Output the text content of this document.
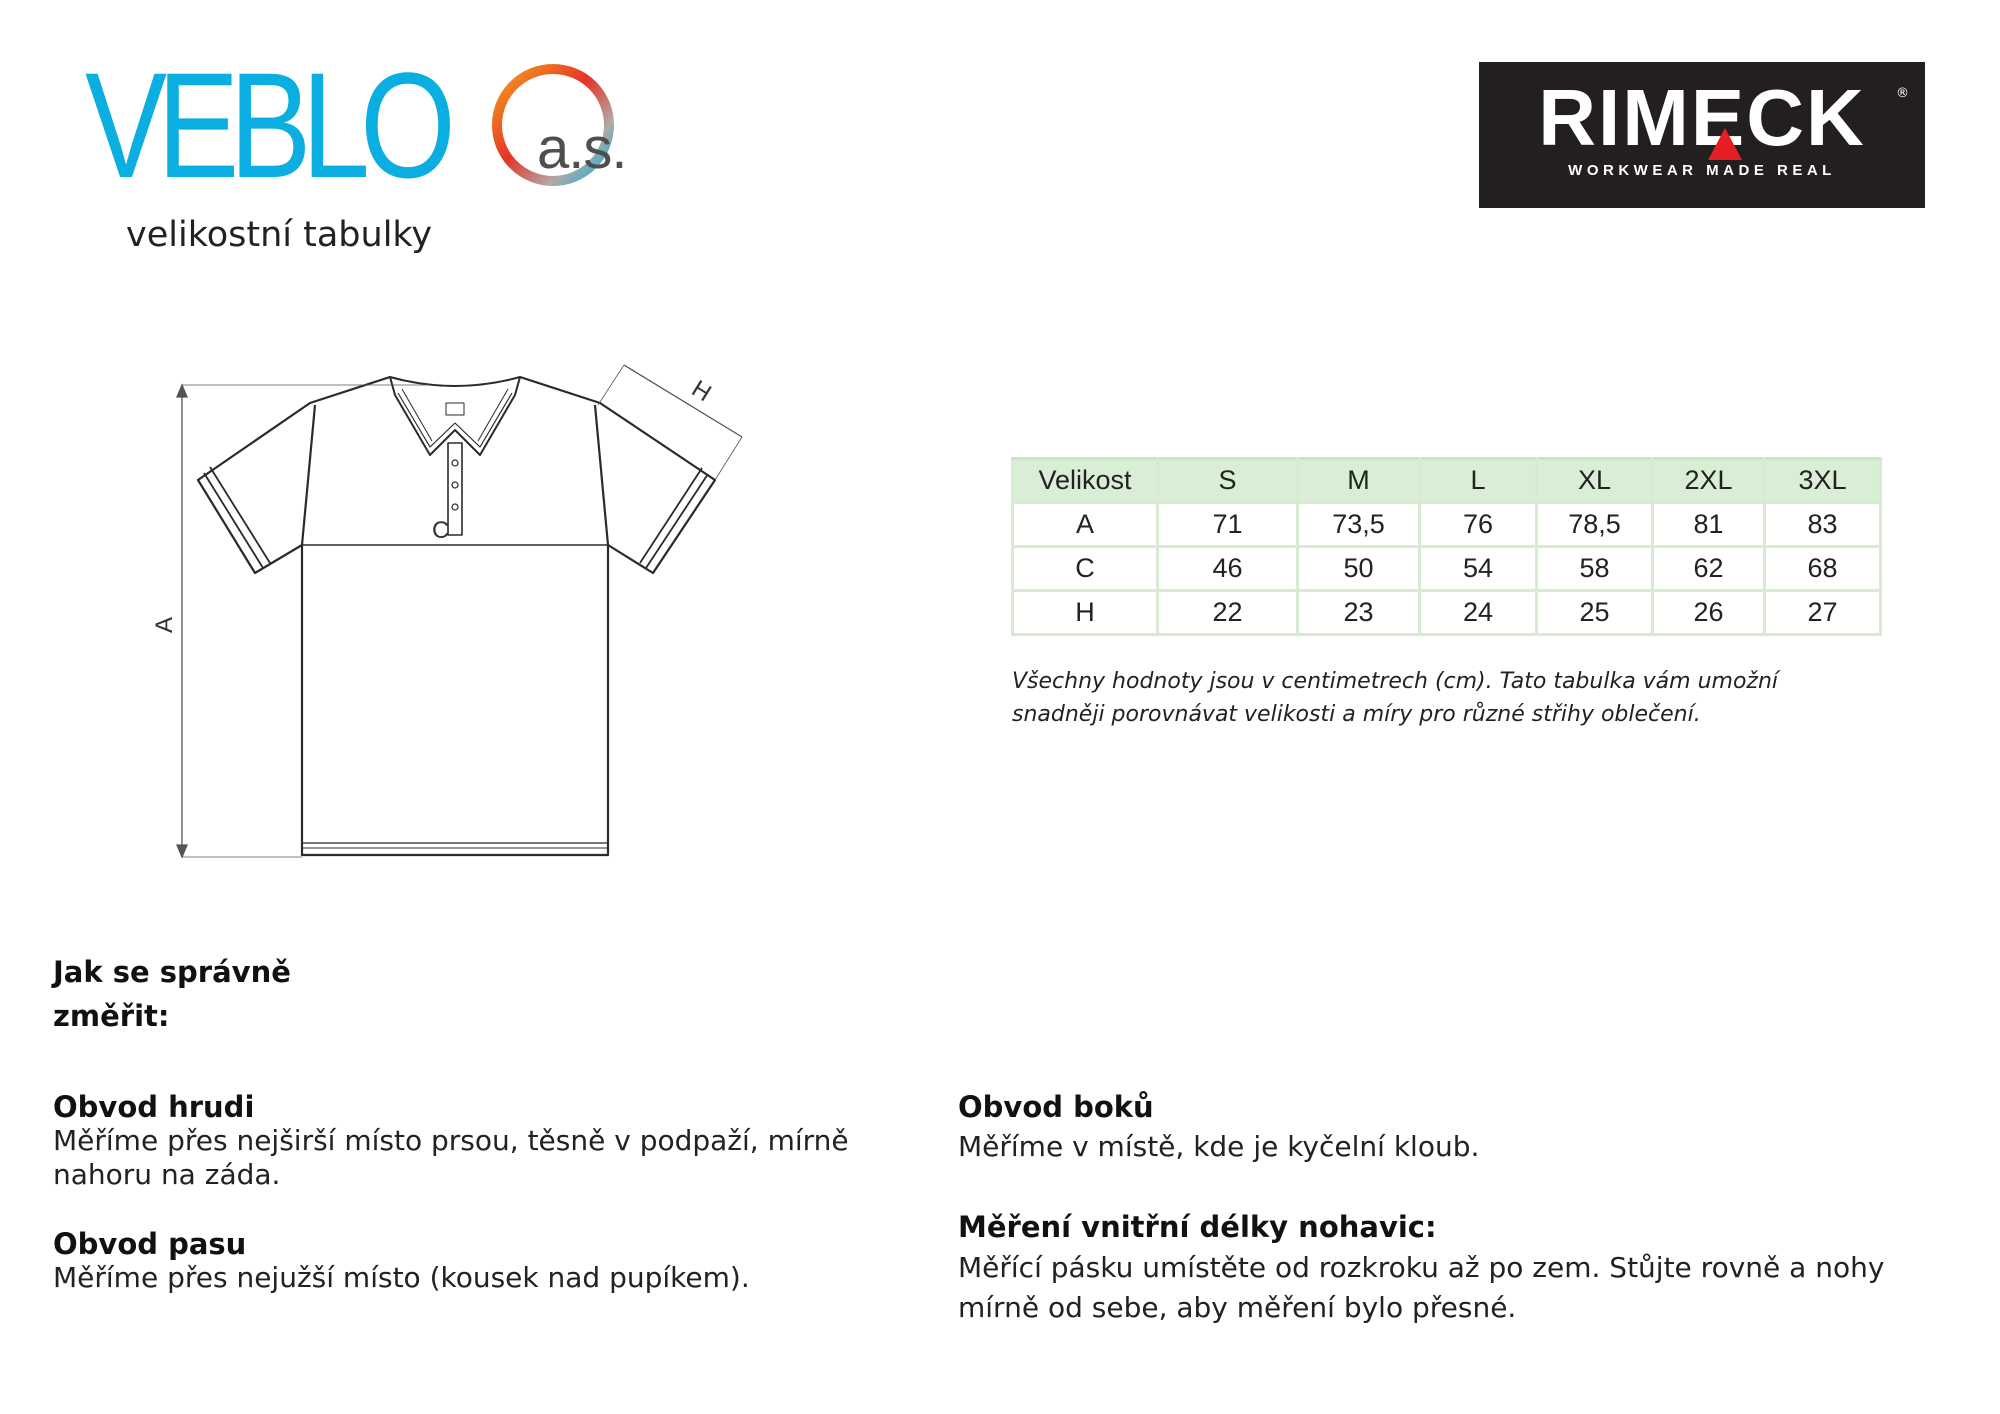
VEBLO a.s.
velikostní tabulky
RIMECK	®
WORKWEAR MADE REAL
A
C
H
Velikost	S	M	L	XL	2XL	3XL
A	71	73,5	76	78,5	81	83
C	46	50	54	58	62	68
H	22	23	24	25	26	27
Všechny hodnoty jsou v centimetrech (cm). Tato tabulka vám umožní snadněji porovnávat velikosti a míry pro různé střihy oblečení.
Jak se správně
změřit:
Obvod hrudi
Měříme přes nejširší místo prsou, těsně v podpaží, mírně nahoru na záda.
Obvod pasu
Měříme přes nejužší místo (kousek nad pupíkem).
Obvod boků
Měříme v místě, kde je kyčelní kloub.
Měření vnitřní délky nohavic:
Měřící pásku umístěte od rozkroku až po zem. Stůjte rovně a nohy mírně od sebe, aby měření bylo přesné.
